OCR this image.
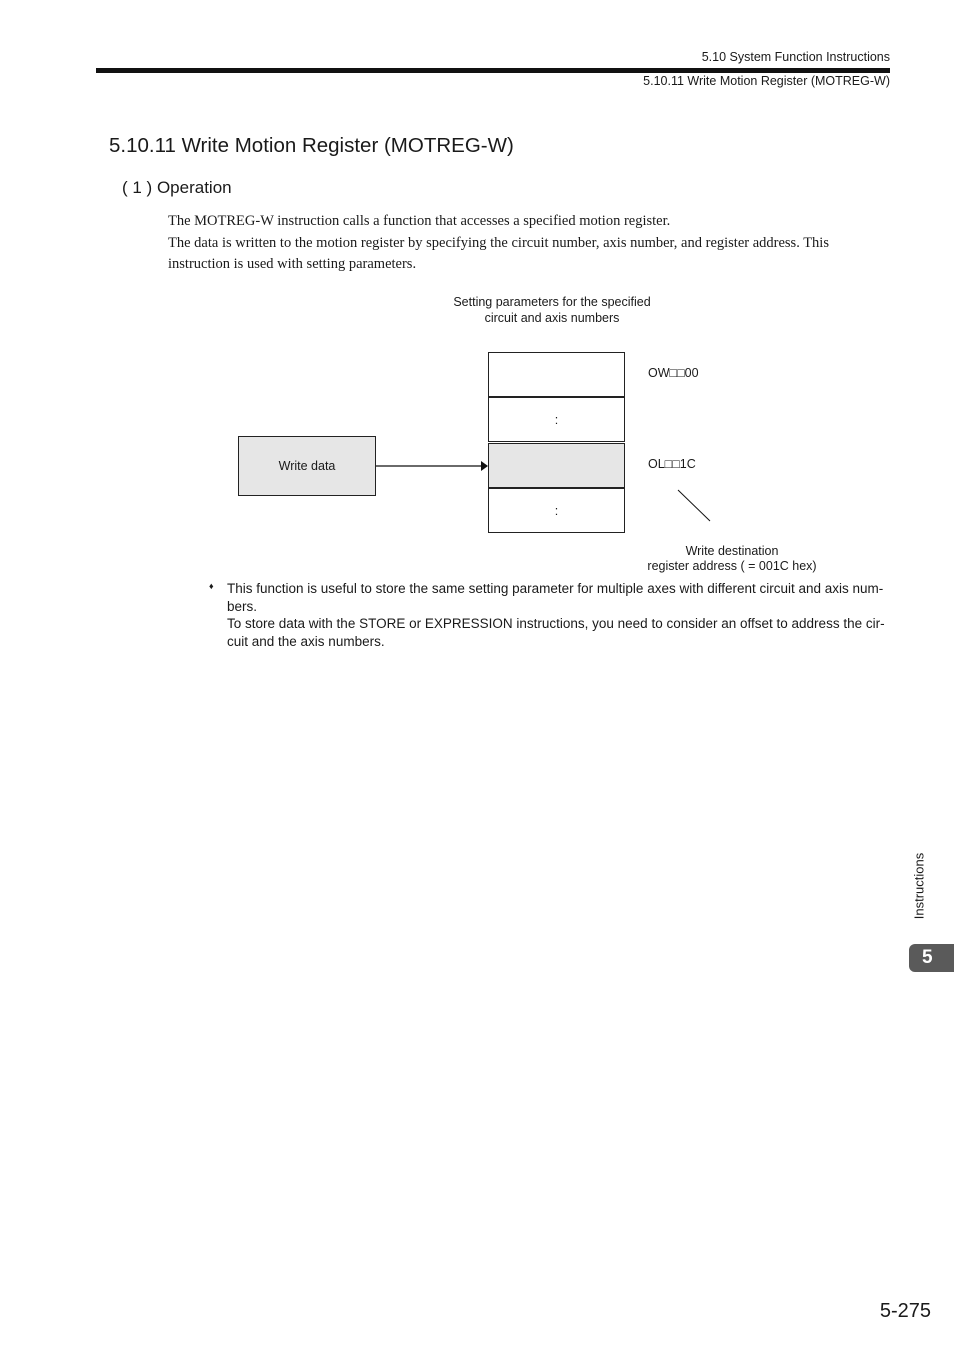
5.10 System Function Instructions
5.10.11 Write Motion Register (MOTREG-W)
5.10.11 Write Motion Register (MOTREG-W)
( 1 ) Operation
The MOTREG-W instruction calls a function that accesses a specified motion register.
The data is written to the motion register by specifying the circuit number, axis number, and register address. This instruction is used with setting parameters.
Setting parameters for the specified
circuit and axis numbers
:
:
Write data
OW□□00
OL□□1C
Write destination
register address ( = 001C hex)
♦ This function is useful to store the same setting parameter for multiple axes with different circuit and axis num-
bers.
To store data with the STORE or EXPRESSION instructions, you need to consider an offset to address the cir-
cuit and the axis numbers.
Instructions
5
5-275
